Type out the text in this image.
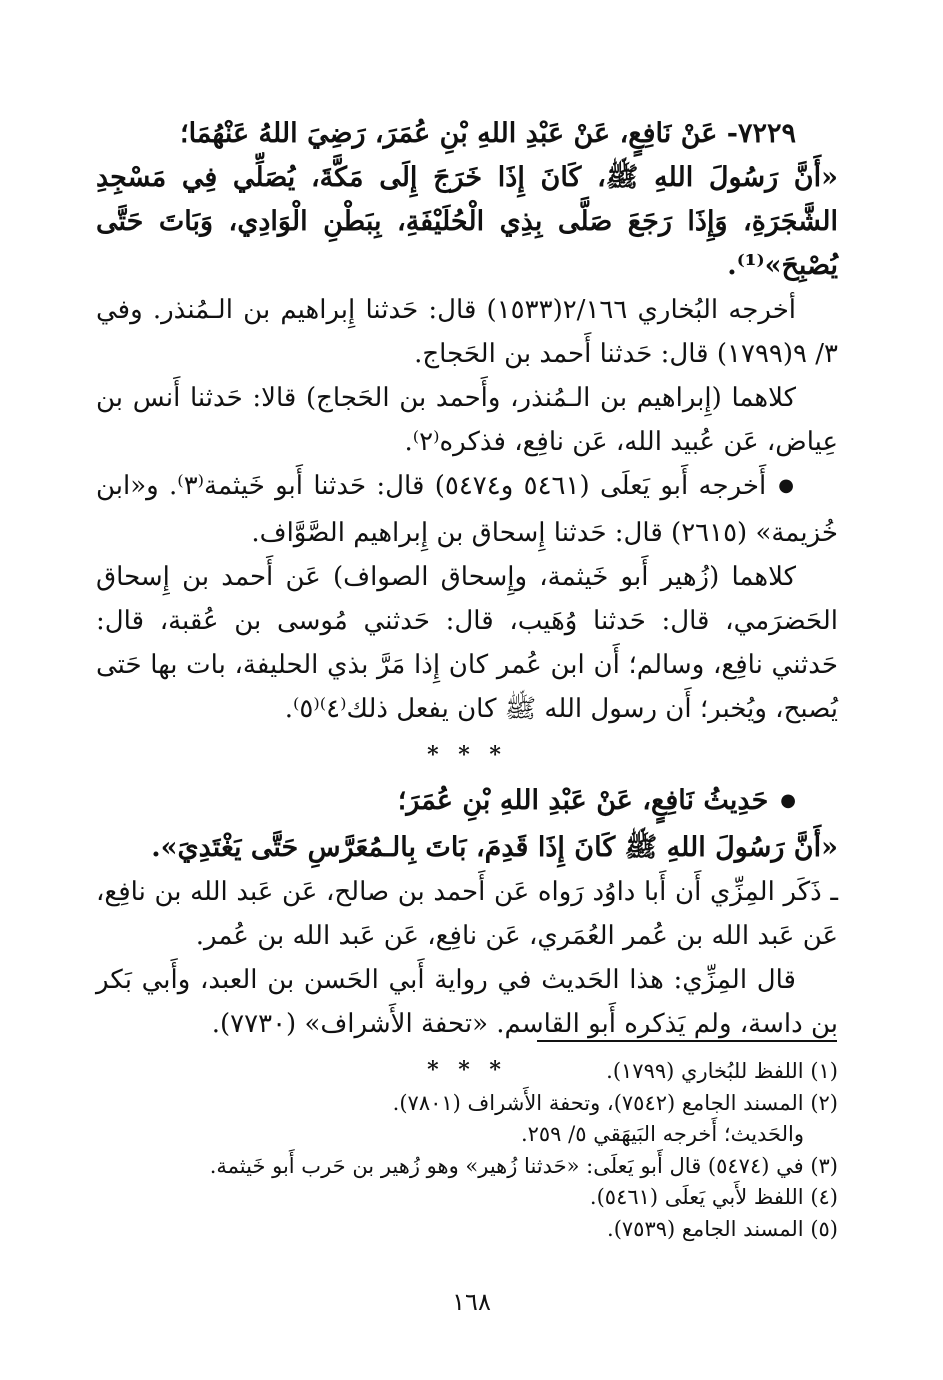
٧٢٢٩- عَنْ نَافِعٍ، عَنْ عَبْدِ اللهِ بْنِ عُمَرَ، رَضِيَ اللهُ عَنْهُمَا؛

«أَنَّ رَسُولَ اللهِ ﷺ، كَانَ إِذَا خَرَجَ إِلَى مَكَّةَ، يُصَلِّي فِي مَسْجِدِ الشَّجَرَةِ، وَإِذَا رَجَعَ صَلَّى بِذِي الْحُلَيْفَةِ، بِبَطْنِ الْوَادِي، وَبَاتَ حَتَّى يُصْبِحَ»⁽¹⁾.

أخرجه البُخاري ٢/١٦٦(١٥٣٣) قال: حَدثنا إِبراهيم بن الـمُنذر. وفي ٣/ ٩(١٧٩٩) قال: حَدثنا أَحمد بن الحَجاج.

كلاهما (إِبراهيم بن الـمُنذر، وأَحمد بن الحَجاج) قالا: حَدثنا أَنس بن عِياض، عَن عُبيد الله، عَن نافِع، فذكره⁽٢⁾.

● أَخرجه أَبو يَعلَى (٥٤٦١ و٥٤٧٤) قال: حَدثنا أَبو خَيثمة⁽٣⁾. و«ابن خُزيمة» (٢٦١٥) قال: حَدثنا إِسحاق بن إِبراهيم الصَّوَّاف.

كلاهما (زُهير أَبو خَيثمة، وإِسحاق الصواف) عَن أَحمد بن إِسحاق الحَضرَمي، قال: حَدثنا وُهَيب، قال: حَدثني مُوسى بن عُقبة، قال: حَدثني نافِع، وسالم؛ أَن ابن عُمر كان إِذا مَرَّ بذي الحليفة، بات بها حَتى يُصبح، ويُخبر؛ أَن رسول الله ﷺ كان يفعل ذلك⁽٤⁾⁽٥⁾.

* * *

● حَدِيثُ نَافِعٍ، عَنْ عَبْدِ اللهِ بْنِ عُمَرَ؛

«أَنَّ رَسُولَ اللهِ ﷺ كَانَ إِذَا قَدِمَ، بَاتَ بِالـمُعَرَّسِ حَتَّى يَغْتَدِيَ».

ـ ذَكَر المِزِّي أَن أَبا داوُد رَواه عَن أَحمد بن صالح، عَن عَبد الله بن نافِع، عَن عَبد الله بن عُمر العُمَري، عَن نافِع، عَن عَبد الله بن عُمر.

قال المِزِّي: هذا الحَديث في رواية أَبي الحَسن بن العبد، وأَبي بَكر بن داسة، ولم يَذكره أَبو القاسم. «تحفة الأَشراف» (٧٧٣٠).

* * *	(١) اللفظ للبُخاري (١٧٩٩).

(٢) المسند الجامع (٧٥٤٢)، وتحفة الأَشراف (٧٨٠١).

والحَديث؛ أَخرجه البَيهَقي ٥/ ٢٥٩.

(٣) في (٥٤٧٤) قال أَبو يَعلَى: «حَدثنا زُهير» وهو زُهير بن حَرب أَبو خَيثمة.

(٤) اللفظ لأَبي يَعلَى (٥٤٦١).

(٥) المسند الجامع (٧٥٣٩).

١٦٨
